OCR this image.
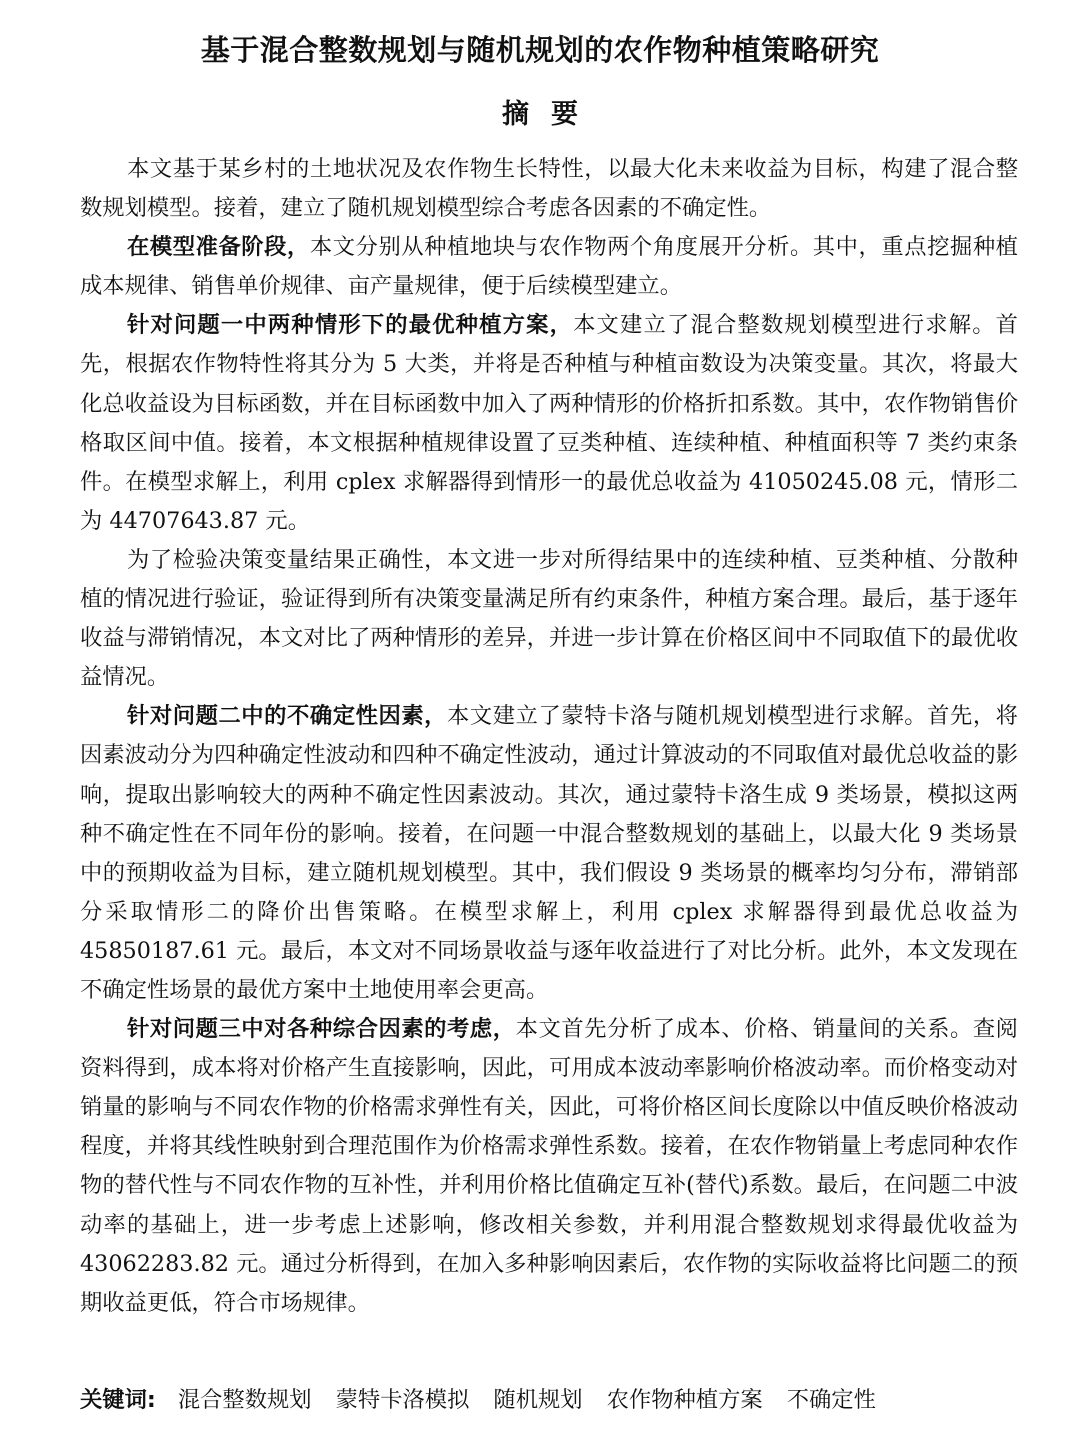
基于混合整数规划与随机规划的农作物种植策略研究
摘要

本文基于某乡村的土地状况及农作物生长特性，以最大化未来收益为目标，构建了混合整数规划模型。接着，建立了随机规划模型综合考虑各因素的不确定性。

在模型准备阶段，本文分别从种植地块与农作物两个角度展开分析。其中，重点挖掘种植成本规律、销售单价规律、亩产量规律，便于后续模型建立。

针对问题一中两种情形下的最优种植方案，本文建立了混合整数规划模型进行求解。首先，根据农作物特性将其分为 5 大类，并将是否种植与种植亩数设为决策变量。其次，将最大化总收益设为目标函数，并在目标函数中加入了两种情形的价格折扣系数。其中，农作物销售价格取区间中值。接着，本文根据种植规律设置了豆类种植、连续种植、种植面积等 7 类约束条件。在模型求解上，利用 cplex 求解器得到情形一的最优总收益为 41050245.08 元，情形二为 44707643.87 元。

为了检验决策变量结果正确性，本文进一步对所得结果中的连续种植、豆类种植、分散种植的情况进行验证，验证得到所有决策变量满足所有约束条件，种植方案合理。最后，基于逐年收益与滞销情况，本文对比了两种情形的差异，并进一步计算在价格区间中不同取值下的最优收益情况。

针对问题二中的不确定性因素，本文建立了蒙特卡洛与随机规划模型进行求解。首先，将因素波动分为四种确定性波动和四种不确定性波动，通过计算波动的不同取值对最优总收益的影响，提取出影响较大的两种不确定性因素波动。其次，通过蒙特卡洛生成 9 类场景，模拟这两种不确定性在不同年份的影响。接着，在问题一中混合整数规划的基础上，以最大化 9 类场景中的预期收益为目标，建立随机规划模型。其中，我们假设 9 类场景的概率均匀分布，滞销部分采取情形二的降价出售策略。在模型求解上，利用 cplex 求解器得到最优总收益为 45850187.61 元。最后，本文对不同场景收益与逐年收益进行了对比分析。此外，本文发现在不确定性场景的最优方案中土地使用率会更高。

针对问题三中对各种综合因素的考虑，本文首先分析了成本、价格、销量间的关系。查阅资料得到，成本将对价格产生直接影响，因此，可用成本波动率影响价格波动率。而价格变动对销量的影响与不同农作物的价格需求弹性有关，因此，可将价格区间长度除以中值反映价格波动程度，并将其线性映射到合理范围作为价格需求弹性系数。接着，在农作物销量上考虑同种农作物的替代性与不同农作物的互补性，并利用价格比值确定互补(替代)系数。最后，在问题二中波动率的基础上，进一步考虑上述影响，修改相关参数，并利用混合整数规划求得最优收益为 43062283.82 元。通过分析得到，在加入多种影响因素后，农作物的实际收益将比问题二的预期收益更低，符合市场规律。

关键词: 混合整数规划 蒙特卡洛模拟 随机规划 农作物种植方案 不确定性
